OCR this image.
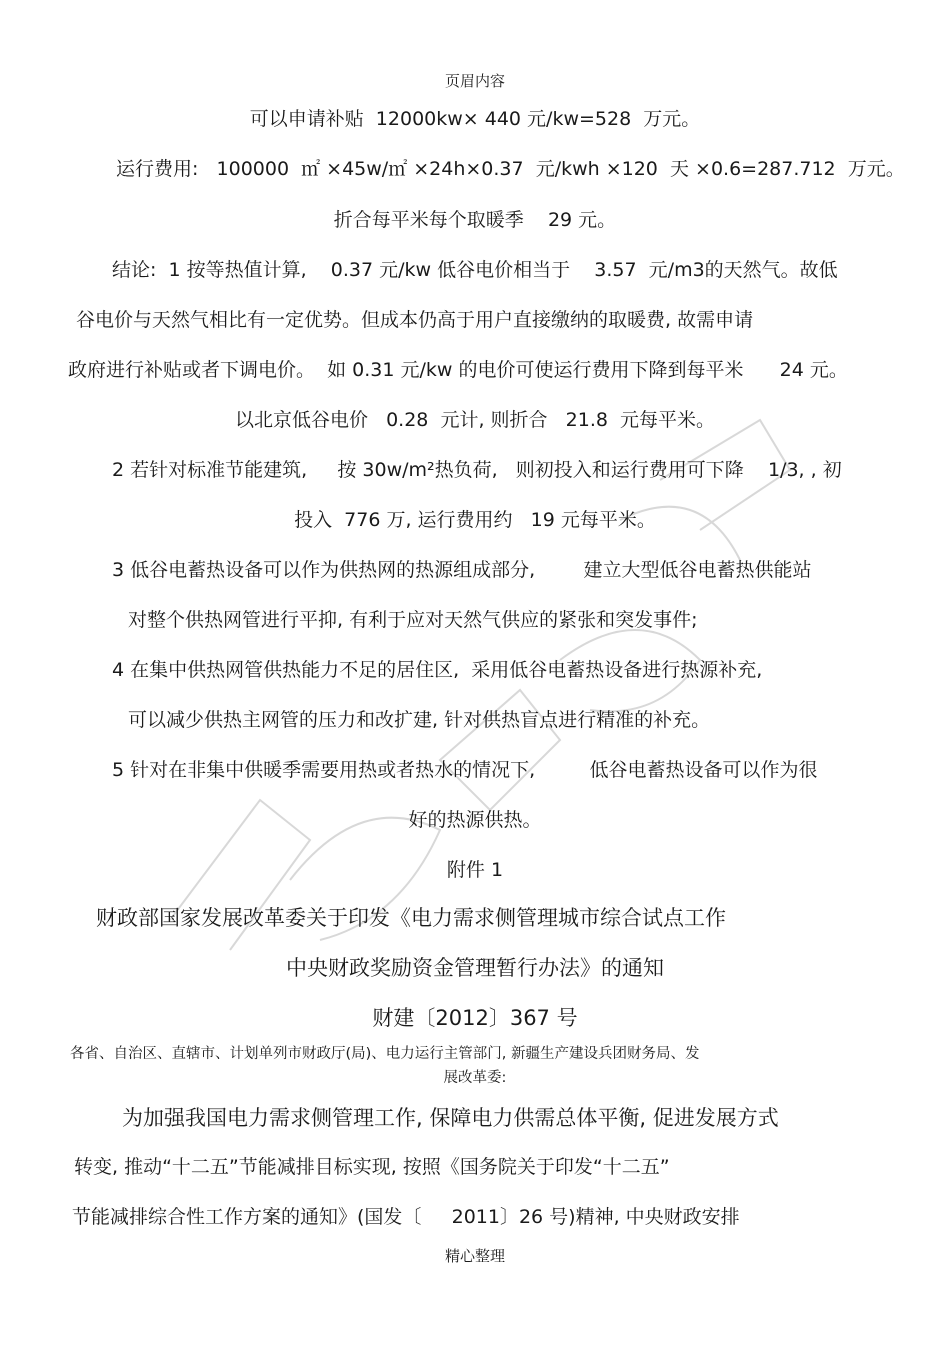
页眉内容
可以申请补贴  12000kw× 440 元/kw=528  万元。
运行费用:   100000  ㎡ ×45w/㎡ ×24h×0.37  元/kwh ×120  天 ×0.6=287.712  万元。
折合每平米每个取暖季    29 元。
结论:  1 按等热值计算,    0.37 元/kw 低谷电价相当于    3.57  元/m3的天然气。故低
谷电价与天然气相比有一定优势。但成本仍高于用户直接缴纳的取暖费, 故需申请
政府进行补贴或者下调电价。  如 0.31 元/kw 的电价可使运行费用下降到每平米      24 元。
以北京低谷电价   0.28  元计, 则折合   21.8  元每平米。
2 若针对标准节能建筑,     按 30w/m²热负荷,   则初投入和运行费用可下降    1/3, , 初
投入  776 万, 运行费用约   19 元每平米。
3 低谷电蓄热设备可以作为供热网的热源组成部分,        建立大型低谷电蓄热供能站
对整个供热网管进行平抑, 有利于应对天然气供应的紧张和突发事件;
4 在集中供热网管供热能力不足的居住区,  采用低谷电蓄热设备进行热源补充,
可以减少供热主网管的压力和改扩建, 针对供热盲点进行精准的补充。
5 针对在非集中供暖季需要用热或者热水的情况下,         低谷电蓄热设备可以作为很
好的热源供热。
附件 1
财政部国家发展改革委关于印发《电力需求侧管理城市综合试点工作
中央财政奖励资金管理暂行办法》的通知
财建〔2012〕367 号
各省、自治区、直辖市、计划单列市财政厅(局)、电力运行主管部门, 新疆生产建设兵团财务局、发
展改革委:
为加强我国电力需求侧管理工作, 保障电力供需总体平衡, 促进发展方式
转变, 推动“十二五”节能减排目标实现, 按照《国务院关于印发“十二五”
节能减排综合性工作方案的通知》(国发〔     2011〕26 号)精神, 中央财政安排
精心整理
